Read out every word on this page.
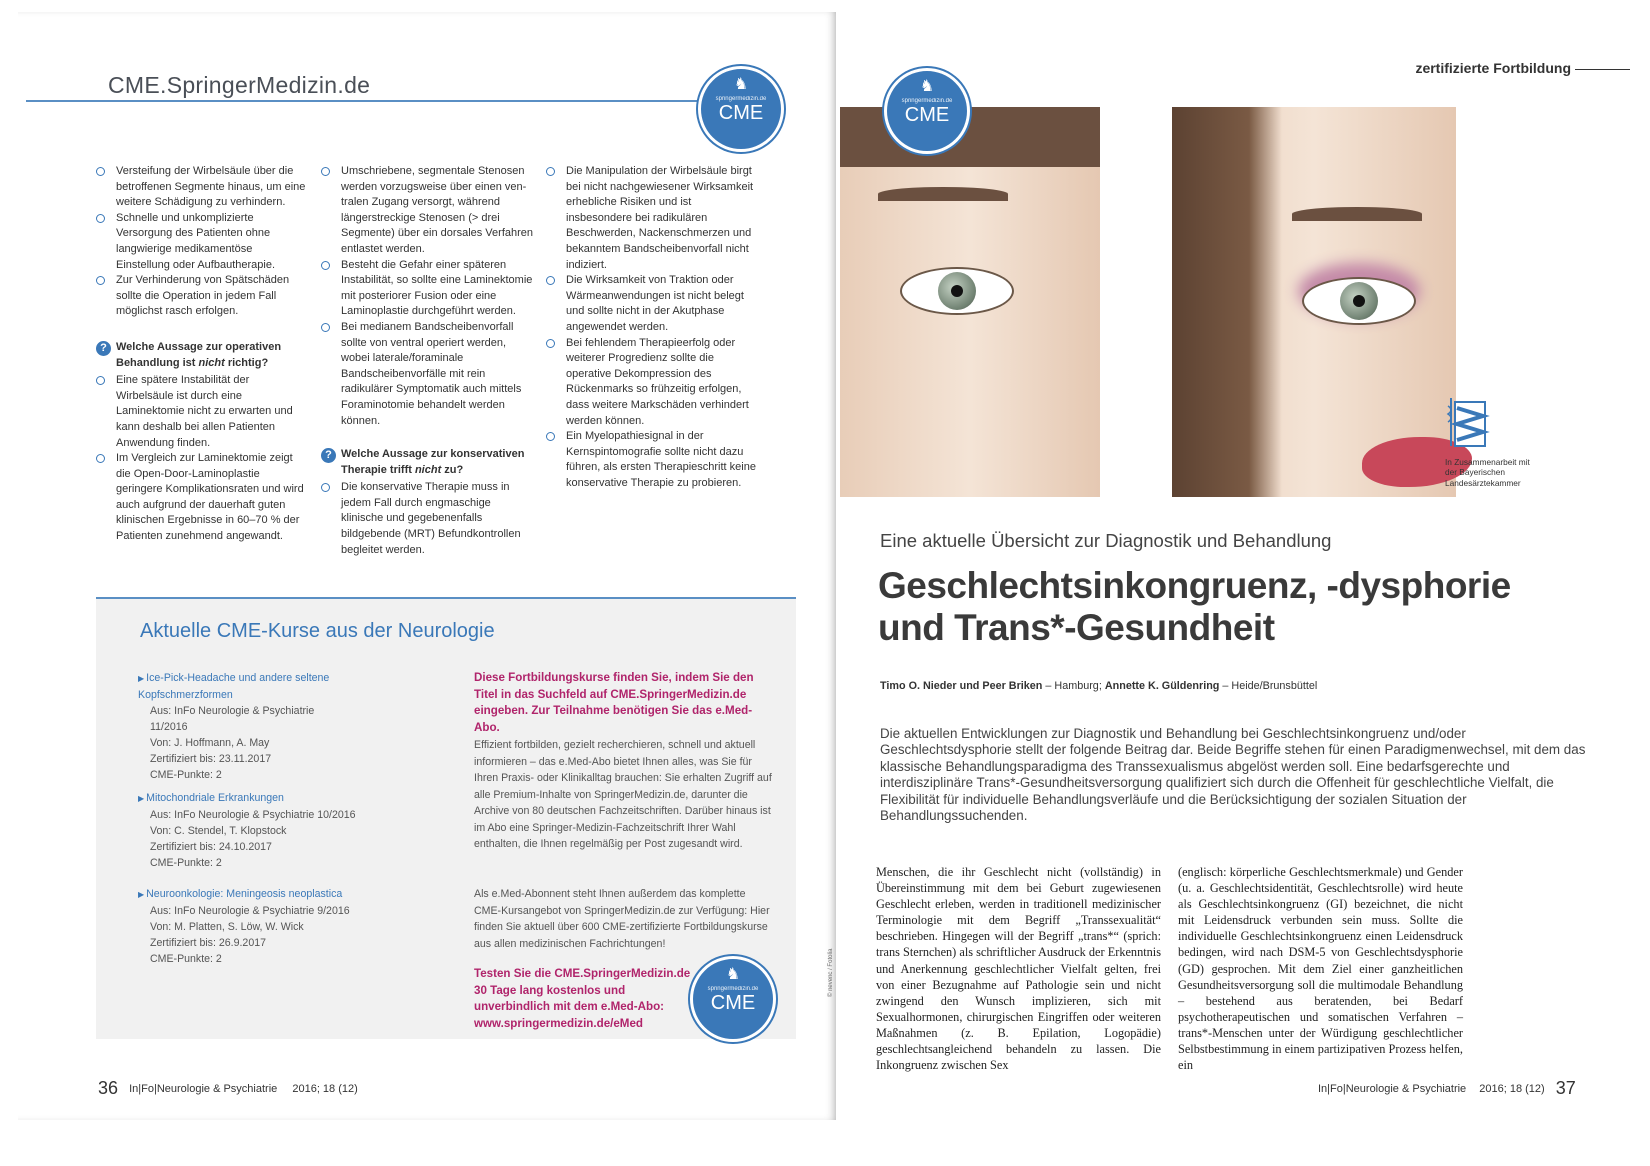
CME.SpringerMedizin.de	♞
springermedizin.de
CME
Versteifung der Wirbelsäule über die betroffenen Segmente hinaus, um eine weitere Schädigung zu verhindern.
Schnelle und unkomplizierte Versorgung des Patienten ohne langwierige medikamentöse Einstellung oder Aufbautherapie.
Zur Verhinderung von Spätschäden sollte die Operation in jedem Fall möglichst rasch erfolgen.
? Welche Aussage zur operativen Behandlung ist nicht richtig?
Eine spätere Instabilität der Wirbelsäule ist durch eine Laminektomie nicht zu erwarten und kann deshalb bei allen Patienten Anwendung finden.
Im Vergleich zur Laminektomie zeigt die Open-Door-Laminoplastie geringere Komplikationsraten und wird auch aufgrund der dauerhaft guten klinischen Ergebnisse in 60–70 % der Patienten zunehmend angewandt.
Umschriebene, segmentale Stenosen werden vorzugsweise über einen ven-tralen Zugang versorgt, während längerstreckige Stenosen (> drei Segmente) über ein dorsales Verfahren entlastet werden.
Besteht die Gefahr einer späteren Instabilität, so sollte eine Laminektomie mit posteriorer Fusion oder eine Laminoplastie durchgeführt werden.
Bei medianem Bandscheibenvorfall sollte von ventral operiert werden, wobei laterale/foraminale Bandscheibenvorfälle mit rein radikulärer Symptomatik auch mittels Foraminotomie behandelt werden können.
? Welche Aussage zur konservativen Therapie trifft nicht zu?
Die konservative Therapie muss in jedem Fall durch engmaschige klinische und gegebenenfalls bildgebende (MRT) Befundkontrollen begleitet werden.
Die Manipulation der Wirbelsäule birgt bei nicht nachgewiesener Wirksamkeit erhebliche Risiken und ist insbesondere bei radikulären Beschwerden, Nackenschmerzen und bekanntem Bandscheibenvorfall nicht indiziert.
Die Wirksamkeit von Traktion oder Wärmeanwendungen ist nicht belegt und sollte nicht in der Akutphase angewendet werden.
Bei fehlendem Therapieerfolg oder weiterer Progredienz sollte die operative Dekompression des Rückenmarks so frühzeitig erfolgen, dass weitere Markschäden verhindert werden können.
Ein Myelopathiesignal in der Kernspintomografie sollte nicht dazu führen, als ersten Therapieschritt keine konservative Therapie zu probieren.
Aktuelle CME-Kurse aus der Neurologie
▶ Ice-Pick-Headache und andere seltene Kopfschmerzformen
Aus: InFo Neurologie & Psychiatrie 11/2016
Von: J. Hoffmann, A. May
Zertifiziert bis: 23.11.2017
CME-Punkte: 2
▶ Mitochondriale Erkrankungen
Aus: InFo Neurologie & Psychiatrie 10/2016
Von: C. Stendel, T. Klopstock
Zertifiziert bis: 24.10.2017
CME-Punkte: 2
▶ Neuroonkologie: Meningeosis neoplastica
Aus: InFo Neurologie & Psychiatrie 9/2016
Von: M. Platten, S. Löw, W. Wick
Zertifiziert bis: 26.9.2017
CME-Punkte: 2
Diese Fortbildungskurse finden Sie, indem Sie den Titel in das Suchfeld auf CME.SpringerMedizin.de eingeben. Zur Teilnahme benötigen Sie das e.Med-Abo.
Effizient fortbilden, gezielt recherchieren, schnell und aktuell informieren – das e.Med-Abo bietet Ihnen alles, was Sie für Ihren Praxis- oder Klinikalltag brauchen: Sie erhalten Zugriff auf alle Premium-Inhalte von SpringerMedizin.de, darunter die Archive von 80 deutschen Fachzeitschriften. Darüber hinaus ist im Abo eine Springer-Medizin-Fachzeitschrift Ihrer Wahl enthalten, die Ihnen regelmäßig per Post zugesandt wird.
Als e.Med-Abonnent steht Ihnen außerdem das komplette CME-Kursangebot von SpringerMedizin.de zur Verfügung: Hier finden Sie aktuell über 600 CME-zertifizierte Fortbildungskurse aus allen medizinischen Fachrichtungen!
Testen Sie die CME.SpringerMedizin.de 30 Tage lang kostenlos und unverbindlich mit dem e.Med-Abo: www.springermedizin.de/eMed
♞
springermedizin.de
CME
36 In|Fo|Neurologie & Psychiatrie 2016; 18 (12)
zertifizierte Fortbildung
♞
springermedizin.de
CME
In Zusammenarbeit mit der Bayerischen Landesärztekammer
© nevenc / Fotolia
Eine aktuelle Übersicht zur Diagnostik und Behandlung
Geschlechtsinkongruenz, -dysphorie
und Trans*-Gesundheit
Timo O. Nieder und Peer Briken – Hamburg; Annette K. Güldenring – Heide/Brunsbüttel
Die aktuellen Entwicklungen zur Diagnostik und Behandlung bei Geschlechtsinkongruenz und/oder Geschlechtsdysphorie stellt der folgende Beitrag dar. Beide Begriffe stehen für einen Paradigmenwechsel, mit dem das klassische Behandlungsparadigma des Transsexualismus abgelöst werden soll. Eine bedarfsgerechte und interdisziplinäre Trans*-Gesundheitsversorgung qualifiziert sich durch die Offenheit für geschlechtliche Vielfalt, die Flexibilität für individuelle Behandlungsverläufe und die Berücksichtigung der sozialen Situation der Behandlungssuchenden.
Menschen, die ihr Geschlecht nicht (vollständig) in Übereinstimmung mit dem bei Geburt zugewiesenen Geschlecht erleben, werden in traditionell medizinischer Terminologie mit dem Begriff „Transsexualität“ beschrieben. Hingegen will der Begriff „trans*“ (sprich: trans Sternchen) als schriftlicher Ausdruck der Erkenntnis und Anerkennung geschlechtlicher Vielfalt gelten, frei von einer Bezugnahme auf Pathologie sein und nicht zwingend den Wunsch implizieren, sich mit Sexualhormonen, chirurgischen Eingriffen oder weiteren Maßnahmen (z. B. Epilation, Logopädie) geschlechtsangleichend behandeln zu lassen. Die Inkongruenz zwischen Sex
(englisch: körperliche Geschlechtsmerkmale) und Gender (u. a. Geschlechtsidentität, Geschlechtsrolle) wird heute als Geschlechtsinkongruenz (GI) bezeichnet, die nicht mit Leidensdruck verbunden sein muss. Sollte die individuelle Geschlechtsinkongruenz einen Leidensdruck bedingen, wird nach DSM-5 von Geschlechtsdysphorie (GD) gesprochen. Mit dem Ziel einer ganzheitlichen Gesundheitsversorgung soll die multimodale Behandlung – bestehend aus beratenden, bei Bedarf psychotherapeutischen und somatischen Verfahren – trans*-Menschen unter der Würdigung geschlechtlicher Selbstbestimmung in einem partizipativen Prozess helfen, ein
In|Fo|Neurologie & Psychiatrie 2016; 18 (12) 37
